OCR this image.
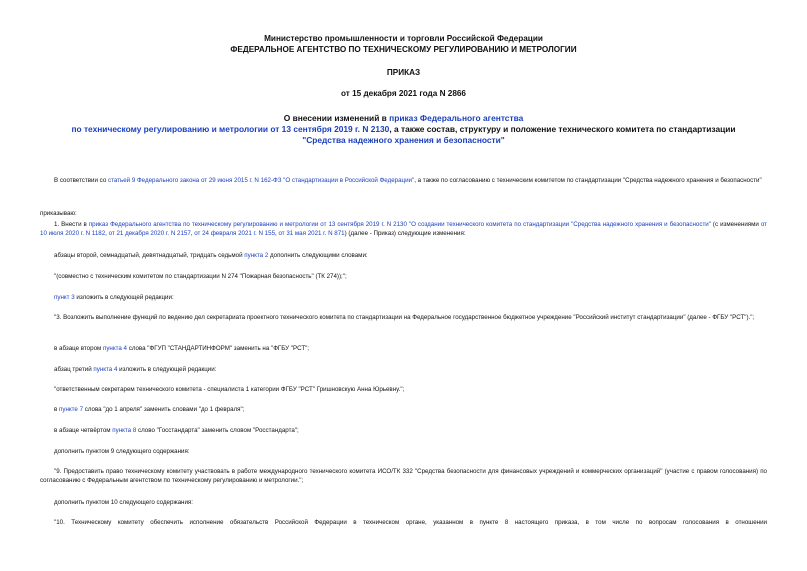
Министерство промышленности и торговли Российской Федерации
ФЕДЕРАЛЬНОЕ АГЕНТСТВО ПО ТЕХНИЧЕСКОМУ РЕГУЛИРОВАНИЮ И МЕТРОЛОГИИ
ПРИКАЗ
от 15 декабря 2021 года N 2866
О внесении изменений в приказ Федерального агентства
по техническому регулированию и метрологии от 13 сентября 2019 г. N 2130, а также состав, структуру и положение технического комитета по стандартизации
"Средства надежного хранения и безопасности"
В соответствии со статьей 9 Федерального закона от 29 июня 2015 г. N 162-ФЗ "О стандартизации в Российской Федерации", а также по согласованию с техническим комитетом по стандартизации "Средства надежного хранения и безопасности"
приказываю:
1. Внести в приказ Федерального агентства по техническому регулированию и метрологии от 13 сентября 2019 г. N 2130 "О создании технического комитета по стандартизации "Средства надежного хранения и безопасности" (с изменениями от 10 июля 2020 г. N 1182, от 21 декабря 2020 г. N 2157, от 24 февраля 2021 г. N 155, от 31 мая 2021 г. N 871) (далее - Приказ) следующие изменения:
абзацы второй, семнадцатый, девятнадцатый, тридцать седьмой пункта 2 дополнить следующими словами:
"(совместно с техническим комитетом по стандартизации N 274 "Пожарная безопасность" (ТК 274));";
пункт 3 изложить в следующей редакции:
"3. Возложить выполнение функций по ведению дел секретариата проектного технического комитета по стандартизации на Федеральное государственное бюджетное учреждение "Российский институт стандартизации" (далее - ФГБУ "РСТ").";
в абзаце втором пункта 4 слова "ФГУП "СТАНДАРТИНФОРМ" заменить на "ФГБУ "РСТ";
абзац третий пункта 4 изложить в следующей редакции:
"ответственным секретарем технического комитета - специалиста 1 категории ФГБУ "РСТ" Гришновскую Анна Юрьевну.";
в пункте 7 слова "до 1 апреля" заменить словами "до 1 февраля";
в абзаце четвёртом пункта 8 слово "Госстандарта" заменить словом "Росстандарта";
дополнить пунктом 9 следующего содержания:
"9. Предоставить право техническому комитету участвовать в работе международного технического комитета ИСО/ТК 332 "Средства безопасности для финансовых учреждений и коммерческих организаций" (участие с правом голосования) по согласованию с Федеральным агентством по техническому регулированию и метрологии.";
дополнить пунктом 10 следующего содержания:
"10. Техническому комитету обеспечить исполнение обязательств Российской Федерации в техническом органе, указанном в пункте 8 настоящего приказа, в том числе по вопросам голосования в отношении
